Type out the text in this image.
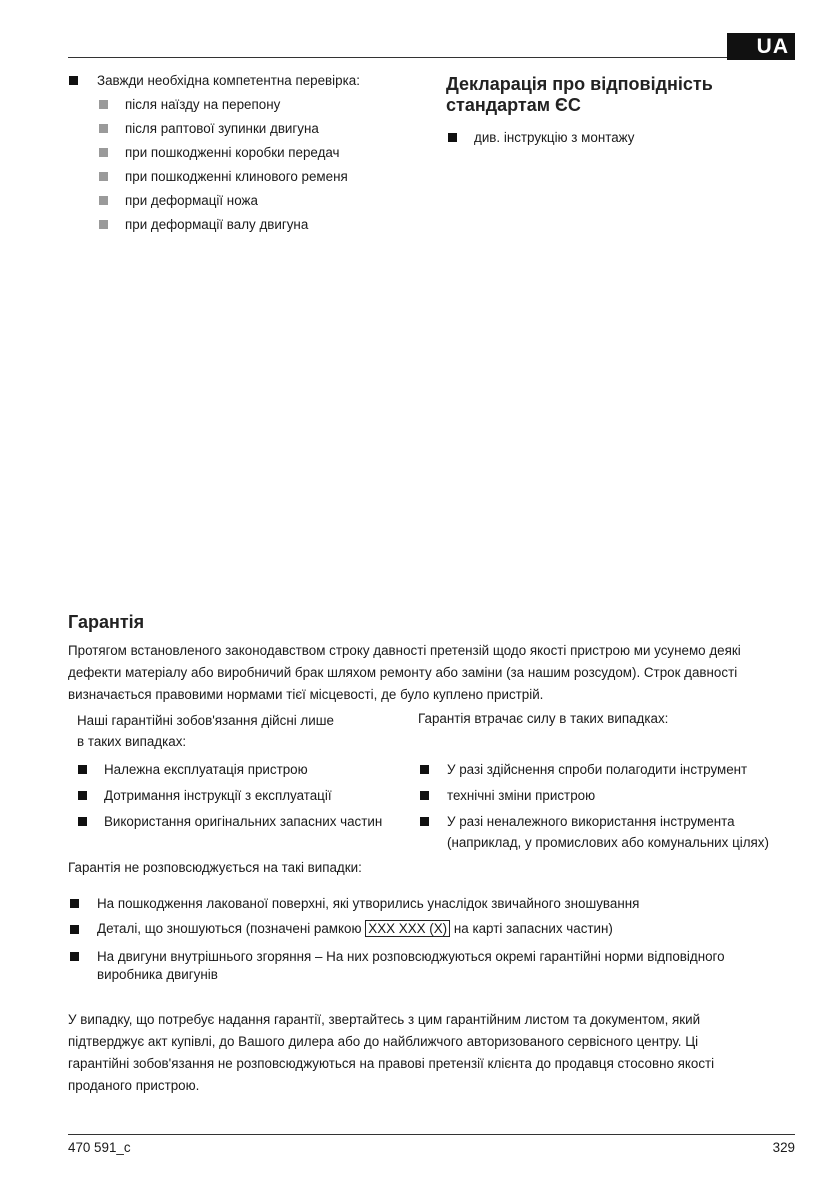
UA
Завжди необхідна компетентна перевірка:
після наїзду на перепону
після раптової зупинки двигуна
при пошкодженні коробки передач
при пошкодженні клинового ременя
при деформації ножа
при деформації валу двигуна
Декларація про відповідність
стандартам ЄС
див. інструкцію з монтажу
Гарантія
Протягом встановленого законодавством строку давності претензій щодо якості пристрою ми усунемо деякі
дефекти матеріалу або виробничий брак шляхом ремонту або заміни (за нашим розсудом). Строк давності
визначається правовими нормами тієї місцевості, де було куплено пристрій.
Наші гарантійні зобов'язання дійсні лише
в таких випадках:
Гарантія втрачає силу в таких випадках:
Належна експлуатація пристрою
Дотримання інструкції з експлуатації
Використання оригінальних запасних частин
У разі здійснення спроби полагодити інструмент
технічні зміни пристрою
У разі неналежного використання інструмента
(наприклад, у промислових або комунальних цілях)
Гарантія не розповсюджується на такі випадки:
На пошкодження лакованої поверхні, які утворились унаслідок звичайного зношування
Деталі, що зношуються (позначені рамкою XXX XXX (X) на карті запасних частин)
На двигуни внутрішнього згоряння – На них розповсюджуються окремі гарантійні норми відповідного
виробника двигунів
У випадку, що потребує надання гарантії, звертайтесь з цим гарантійним листом та документом, який
підтверджує акт купівлі, до Вашого дилера або до найближчого авторизованого сервісного центру. Ці
гарантійні зобов'язання не розповсюджуються на правові претензії клієнта до продавця стосовно якості
проданого пристрою.
470 591_c	329
